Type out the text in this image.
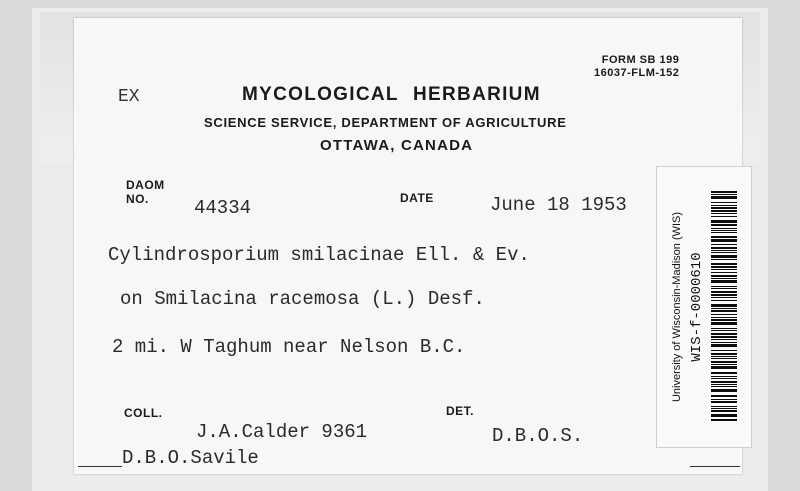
FORM SB 199
16037-FLM-152
EX	MYCOLOGICAL HERBARIUM
SCIENCE SERVICE, DEPARTMENT OF AGRICULTURE
OTTAWA, CANADA
DAOM
NO.	44334	DATE	June 18 1953
Cylindrosporium smilacinae Ell. & Ev.
on Smilacina racemosa (L.) Desf.
2 mi. W Taghum near Nelson B.C.
COLL.	DET.
J.A.Calder 9361	D.B.O.S.
D.B.O.Savile
University of Wisconsin-Madison (WIS) WIS-f-0000610
